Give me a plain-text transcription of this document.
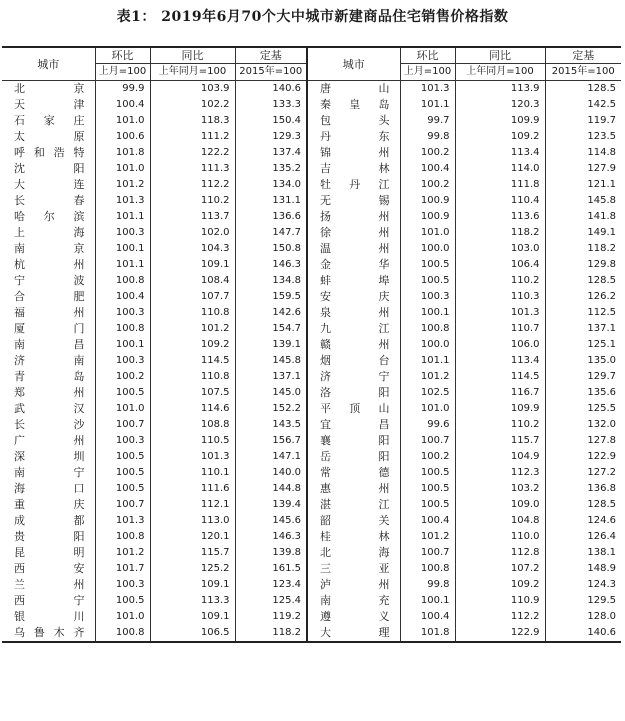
表1： 2019年6月70个大中城市新建商品住宅销售价格指数
城市	环比	同比	定基	城市	环比	同比	定基
	上月=100	上年同月=100	2015年=100		上月=100	上年同月=100	2015年=100
北京	99.9	103.9	140.6	唐山	101.3	113.9	128.5
天津	100.4	102.2	133.3	秦皇岛	101.1	120.3	142.5
石家庄	101.0	118.3	150.4	包头	99.7	109.9	119.7
太原	100.6	111.2	129.3	丹东	99.8	109.2	123.5
呼和浩特	101.8	122.2	137.4	锦州	100.2	113.4	114.8
沈阳	101.0	111.3	135.2	吉林	100.4	114.0	127.9
大连	101.2	112.2	134.0	牡丹江	100.2	111.8	121.1
长春	101.3	110.2	131.1	无锡	100.9	110.4	145.8
哈尔滨	101.1	113.7	136.6	扬州	100.9	113.6	141.8
上海	100.3	102.0	147.7	徐州	101.0	118.2	149.1
南京	100.1	104.3	150.8	温州	100.0	103.0	118.2
杭州	101.1	109.1	146.3	金华	100.5	106.4	129.8
宁波	100.8	108.4	134.8	蚌埠	100.5	110.2	128.5
合肥	100.4	107.7	159.5	安庆	100.3	110.3	126.2
福州	100.3	110.8	142.6	泉州	100.1	101.3	112.5
厦门	100.8	101.2	154.7	九江	100.8	110.7	137.1
南昌	100.1	109.2	139.1	赣州	100.0	106.0	125.1
济南	100.3	114.5	145.8	烟台	101.1	113.4	135.0
青岛	100.2	110.8	137.1	济宁	101.2	114.5	129.7
郑州	100.5	107.5	145.0	洛阳	102.5	116.7	135.6
武汉	101.0	114.6	152.2	平顶山	101.0	109.9	125.5
长沙	100.7	108.8	143.5	宜昌	99.6	110.2	132.0
广州	100.3	110.5	156.7	襄阳	100.7	115.7	127.8
深圳	100.5	101.3	147.1	岳阳	100.2	104.9	122.9
南宁	100.5	110.1	140.0	常德	100.5	112.3	127.2
海口	100.5	111.6	144.8	惠州	100.5	103.2	136.8
重庆	100.7	112.1	139.4	湛江	100.5	109.0	128.5
成都	101.3	113.0	145.6	韶关	100.4	104.8	124.6
贵阳	100.8	120.1	146.3	桂林	101.2	110.0	126.4
昆明	101.2	115.7	139.8	北海	100.7	112.8	138.1
西安	101.7	125.2	161.5	三亚	100.8	107.2	148.9
兰州	100.3	109.1	123.4	泸州	99.8	109.2	124.3
西宁	100.5	113.3	125.4	南充	100.1	110.9	129.5
银川	101.0	109.1	119.2	遵义	100.4	112.2	128.0
乌鲁木齐	100.8	106.5	118.2	大理	101.8	122.9	140.6
